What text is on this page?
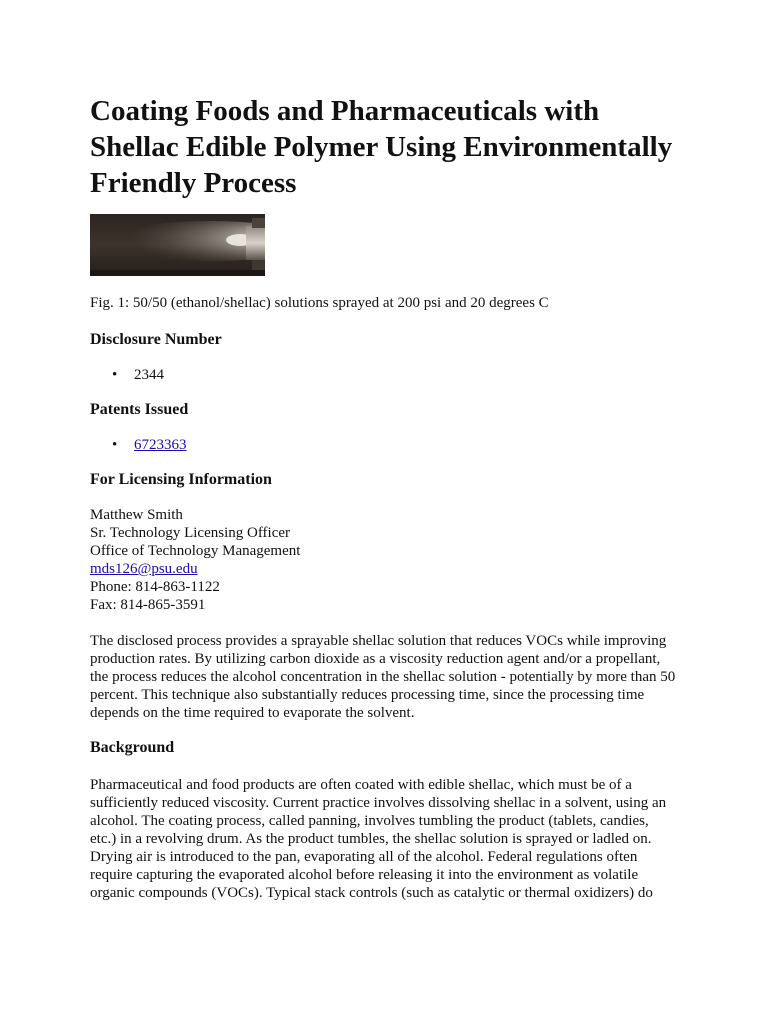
Coating Foods and Pharmaceuticals with Shellac Edible Polymer Using Environmentally Friendly Process

Fig. 1: 50/50 (ethanol/shellac) solutions sprayed at 200 psi and 20 degrees C

Disclosure Number
• 2344
Patents Issued
• 6723363
For Licensing Information
Matthew Smith
Sr. Technology Licensing Officer
Office of Technology Management
mds126@psu.edu
Phone: 814-863-1122
Fax: 814-865-3591

The disclosed process provides a sprayable shellac solution that reduces VOCs while improving production rates. By utilizing carbon dioxide as a viscosity reduction agent and/or a propellant, the process reduces the alcohol concentration in the shellac solution - potentially by more than 50 percent. This technique also substantially reduces processing time, since the processing time depends on the time required to evaporate the solvent.

Background

Pharmaceutical and food products are often coated with edible shellac, which must be of a sufficiently reduced viscosity. Current practice involves dissolving shellac in a solvent, using an alcohol. The coating process, called panning, involves tumbling the product (tablets, candies, etc.) in a revolving drum. As the product tumbles, the shellac solution is sprayed or ladled on. Drying air is introduced to the pan, evaporating all of the alcohol. Federal regulations often require capturing the evaporated alcohol before releasing it into the environment as volatile organic compounds (VOCs). Typical stack controls (such as catalytic or thermal oxidizers) do
